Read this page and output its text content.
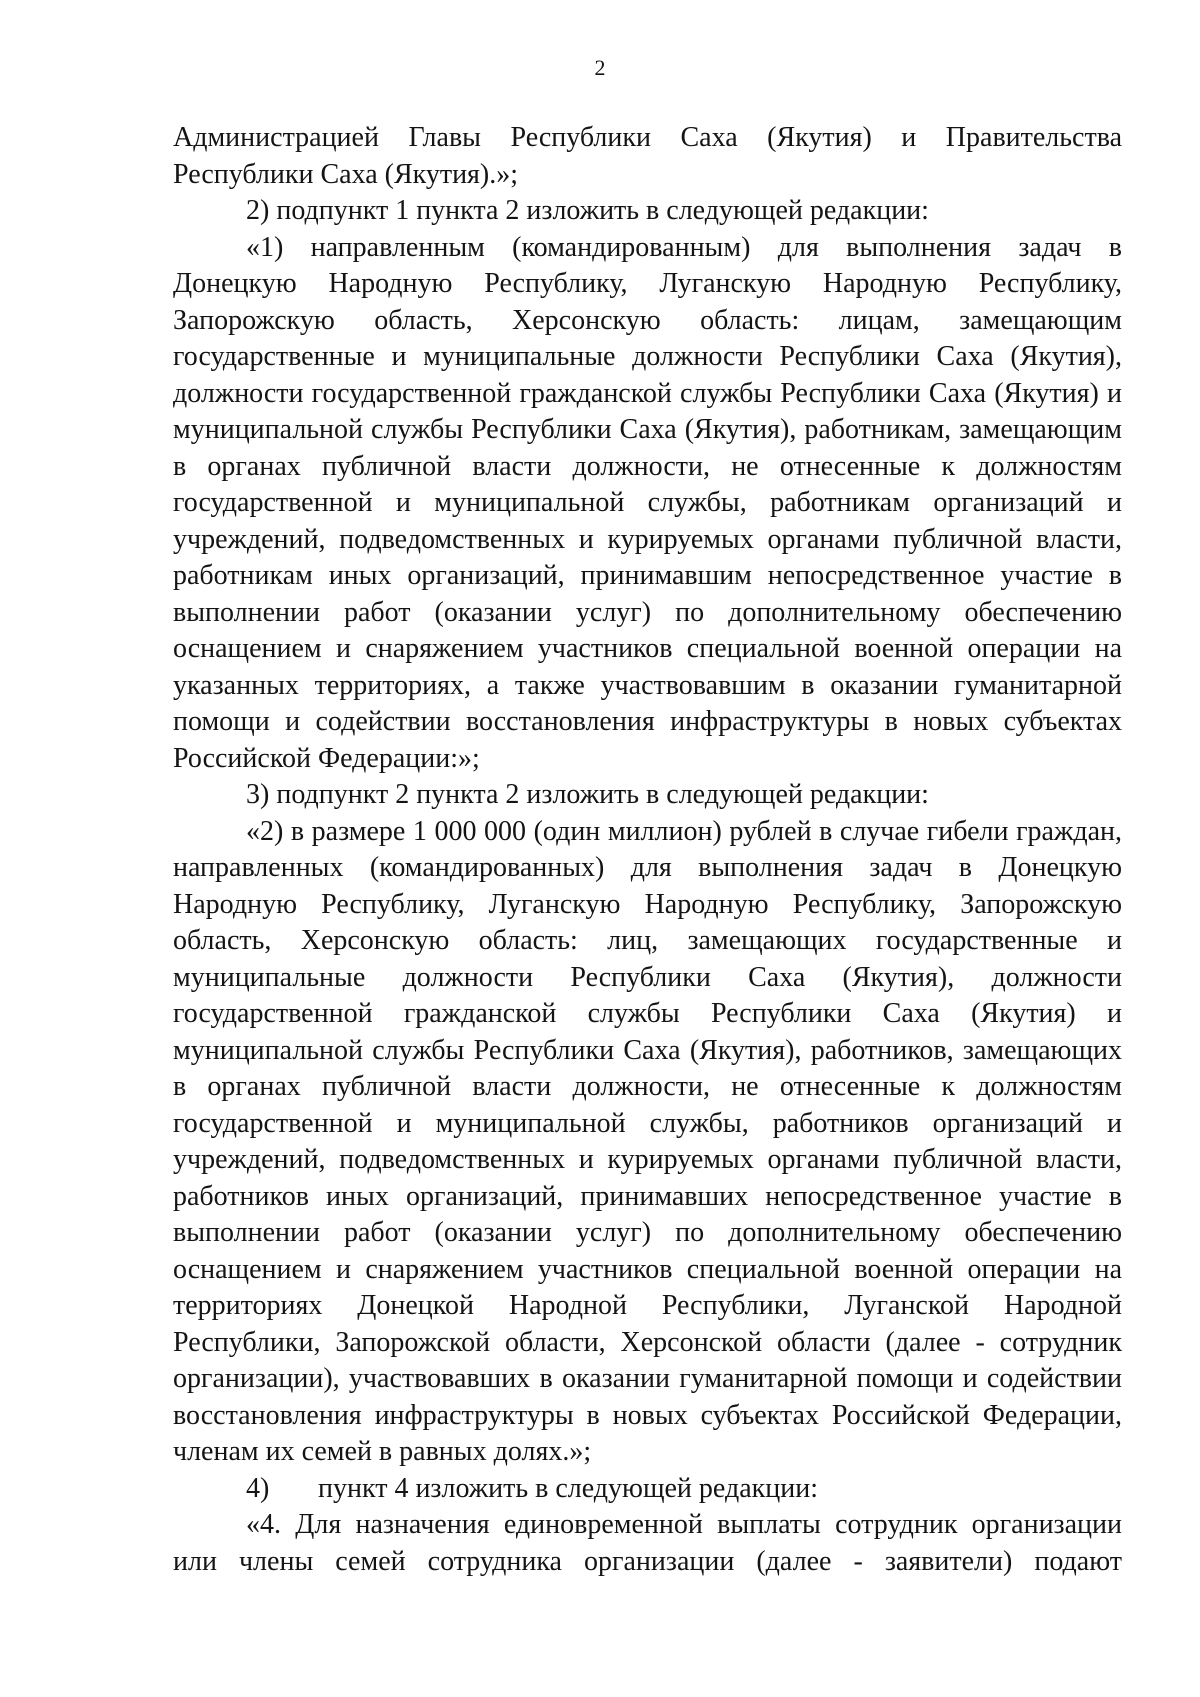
2

Администрацией Главы Республики Саха (Якутия) и Правительства Республики Саха (Якутия).»;

2) подпункт 1 пункта 2 изложить в следующей редакции:

«1) направленным (командированным) для выполнения задач в Донецкую Народную Республику, Луганскую Народную Республику, Запорожскую область, Херсонскую область: лицам, замещающим государственные и муниципальные должности Республики Саха (Якутия), должности государственной гражданской службы Республики Саха (Якутия) и муниципальной службы Республики Саха (Якутия), работникам, замещающим в органах публичной власти должности, не отнесенные к должностям государственной и муниципальной службы, работникам организаций и учреждений, подведомственных и курируемых органами публичной власти, работникам иных организаций, принимавшим непосредственное участие в выполнении работ (оказании услуг) по дополнительному обеспечению оснащением и снаряжением участников специальной военной операции на указанных территориях, а также участвовавшим в оказании гуманитарной помощи и содействии восстановления инфраструктуры в новых субъектах Российской Федерации:»;

3) подпункт 2 пункта 2 изложить в следующей редакции:

«2) в размере 1 000 000 (один миллион) рублей в случае гибели граждан, направленных (командированных) для выполнения задач в Донецкую Народную Республику, Луганскую Народную Республику, Запорожскую область, Херсонскую область: лиц, замещающих государственные и муниципальные должности Республики Саха (Якутия), должности государственной гражданской службы Республики Саха (Якутия) и муниципальной службы Республики Саха (Якутия), работников, замещающих в органах публичной власти должности, не отнесенные к должностям государственной и муниципальной службы, работников организаций и учреждений, подведомственных и курируемых органами публичной власти, работников иных организаций, принимавших непосредственное участие в выполнении работ (оказании услуг) по дополнительному обеспечению оснащением и снаряжением участников специальной военной операции на территориях Донецкой Народной Республики, Луганской Народной Республики, Запорожской области, Херсонской области (далее - сотрудник организации), участвовавших в оказании гуманитарной помощи и содействии восстановления инфраструктуры в новых субъектах Российской Федерации, членам их семей в равных долях.»;

4) пункт 4 изложить в следующей редакции:

«4. Для назначения единовременной выплаты сотрудник организации или члены семей сотрудника организации (далее - заявители) подают
